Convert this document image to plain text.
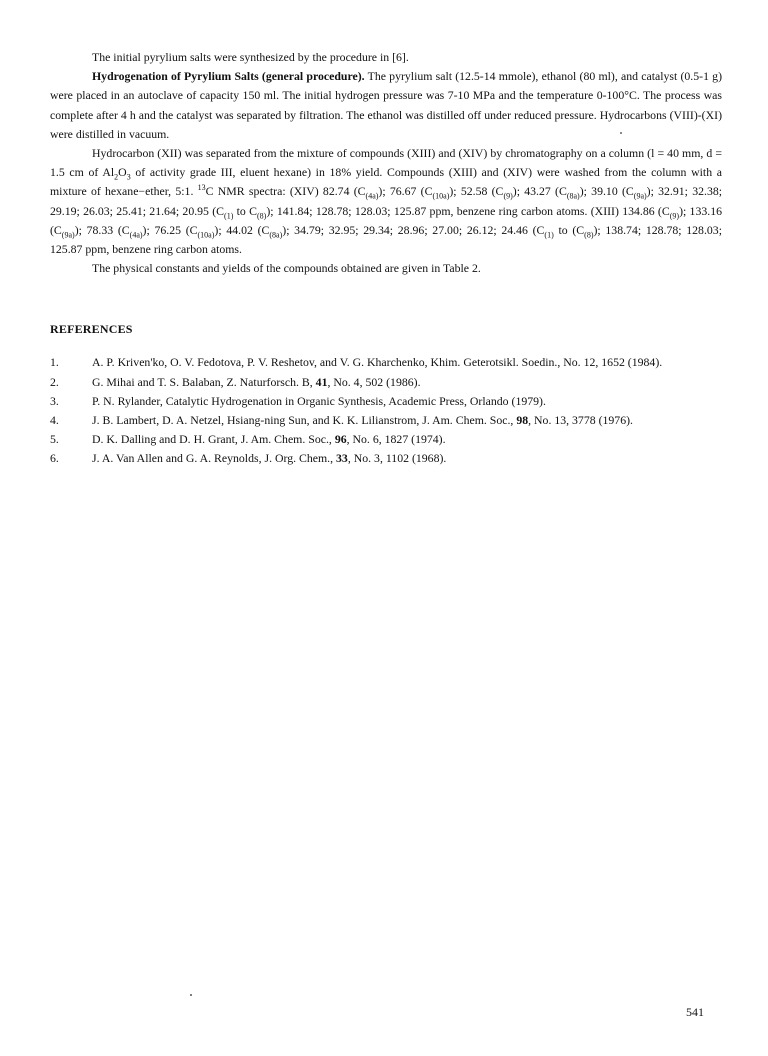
The initial pyrylium salts were synthesized by the procedure in [6].

Hydrogenation of Pyrylium Salts (general procedure). The pyrylium salt (12.5-14 mmole), ethanol (80 ml), and catalyst (0.5-1 g) were placed in an autoclave of capacity 150 ml. The initial hydrogen pressure was 7-10 MPa and the temperature 0-100°C. The process was complete after 4 h and the catalyst was separated by filtration. The ethanol was distilled off under reduced pressure. Hydrocarbons (VIII)-(XI) were distilled in vacuum.

Hydrocarbon (XII) was separated from the mixture of compounds (XIII) and (XIV) by chromatography on a column (l = 40 mm, d = 1.5 cm of $Al_2O_3$ of activity grade III, eluent hexane) in 18% yield. Compounds (XIII) and (XIV) were washed from the column with a mixture of hexane−ether, 5:1. $^{13}$C NMR spectra: (XIV) 82.74 $(C_{(4a)})$; 76.67 $(C_{(10a)})$; 52.58 $(C_{(9)})$; 43.27 $(C_{(8a)})$; 39.10 $(C_{(9a)})$; 32.91; 32.38; 29.19; 26.03; 25.41; 21.64; 20.95 ($C_{(1)}$ to $C_{(8)}$); 141.84; 128.78; 128.03; 125.87 ppm, benzene ring carbon atoms. (XIII) 134.86 $(C_{(9)})$; 133.16 $(C_{(9a)})$; 78.33 $(C_{(4a)})$; 76.25 $(C_{(10a)})$; 44.02 $(C_{(8a)})$; 34.79; 32.95; 29.34; 28.96; 27.00; 26.12; 24.46 ($C_{(1)}$ to $(C_{(8)})$; 138.74; 128.78; 128.03; 125.87 ppm, benzene ring carbon atoms.

The physical constants and yields of the compounds obtained are given in Table 2.

REFERENCES
1.	A. P. Kriven'ko, O. V. Fedotova, P. V. Reshetov, and V. G. Kharchenko, Khim. Geterotsikl. Soedin., No. 12, 1652 (1984).
2.	G. Mihai and T. S. Balaban, Z. Naturforsch. B, 41, No. 4, 502 (1986).
3.	P. N. Rylander, Catalytic Hydrogenation in Organic Synthesis, Academic Press, Orlando (1979).
4.	J. B. Lambert, D. A. Netzel, Hsiang-ning Sun, and K. K. Lilianstrom, J. Am. Chem. Soc., 98, No. 13, 3778 (1976).
5.	D. K. Dalling and D. H. Grant, J. Am. Chem. Soc., 96, No. 6, 1827 (1974).
6.	J. A. Van Allen and G. A. Reynolds, J. Org. Chem., 33, No. 3, 1102 (1968).
541
